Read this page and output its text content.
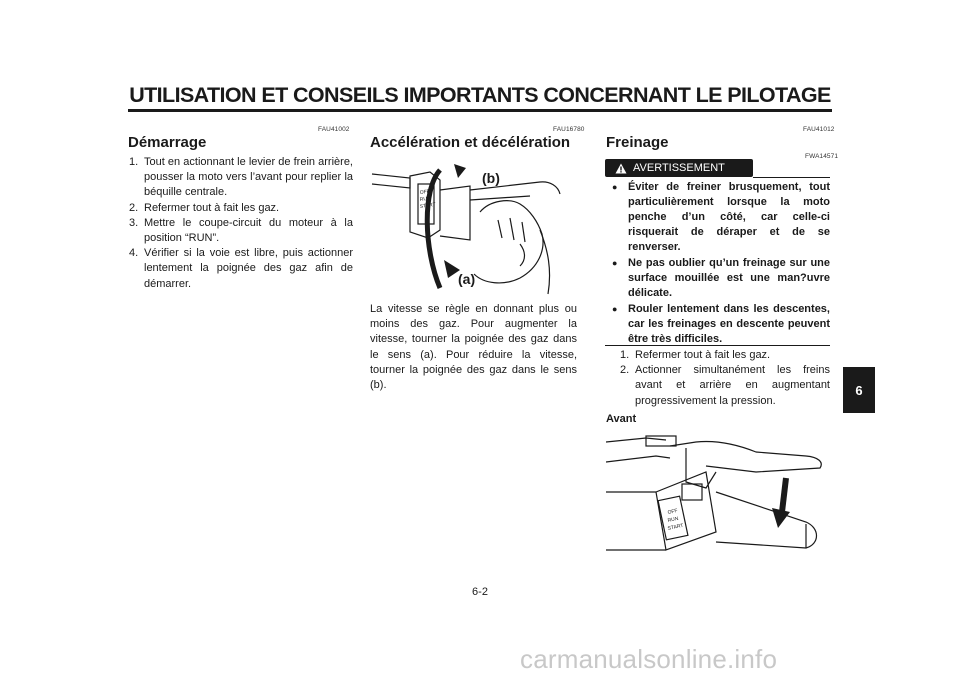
UTILISATION ET CONSEILS IMPORTANTS CONCERNANT LE PILOTAGE
FAU41002
Démarrage
1. Tout en actionnant le levier de frein arrière, pousser la moto vers l’avant pour replier la béquille centrale.
2. Refermer tout à fait les gaz.
3. Mettre le coupe-circuit du moteur à la position “RUN”.
4. Vérifier si la voie est libre, puis actionner lentement la poignée des gaz afin de démarrer.
FAU16780
Accélération et décélération
OFF
RUN
START
(b)
(a)
La vitesse se règle en donnant plus ou moins des gaz. Pour augmenter la vitesse, tourner la poignée des gaz dans le sens (a). Pour réduire la vitesse, tourner la poignée des gaz dans le sens (b).
FAU41012
Freinage
FWA14571
AVERTISSEMENT
● Éviter de freiner brusquement, tout particulièrement lorsque la moto penche d’un côté, car celle-ci risquerait de déraper et de se renverser.
● Ne pas oublier qu’un freinage sur une surface mouillée est une man?uvre délicate.
● Rouler lentement dans les descentes, car les freinages en descente peuvent être très difficiles.
1. Refermer tout à fait les gaz.
2. Actionner simultanément les freins avant et arrière en augmentant progressivement la pression.
Avant
OFF
RUN
START
6
6-2
carmanualsonline.info
